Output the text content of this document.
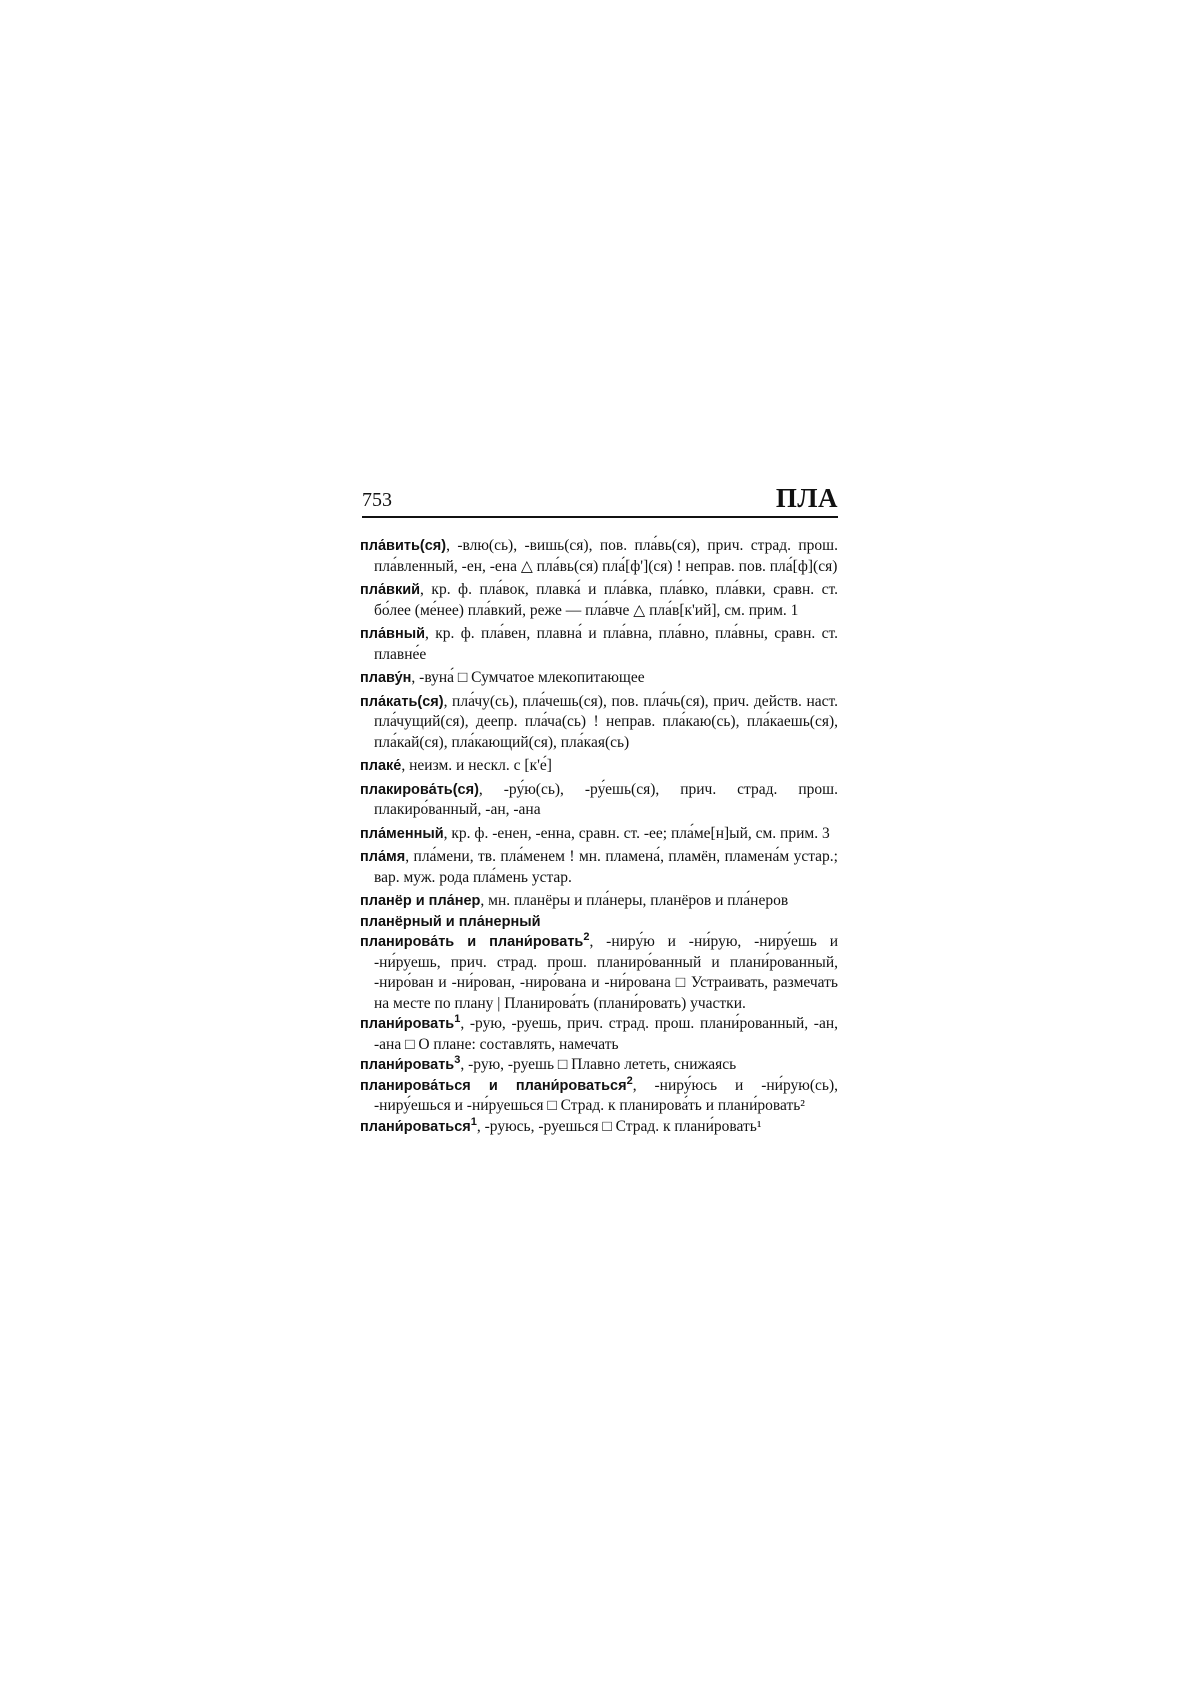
753	ПЛА

пла́вить(ся), -влю(сь), -вишь(ся), пов. пла́вь(ся), прич. страд. прош. пла́вленный, -ен, -ена △ пла́вь(ся) пла́[ф'](ся) ! неправ. пов. пла́[ф](ся)

пла́вкий, кр. ф. пла́вок, плавка́ и пла́вка, пла́вко, пла́вки, сравн. ст. бо́лее (ме́нее) пла́вкий, реже — пла́вче △ пла́в[к'ий], см. прим. 1

пла́вный, кр. ф. пла́вен, плавна́ и пла́вна, пла́вно, пла́вны, сравн. ст. плавне́е

плаву́н, -вуна́ □ Сумчатое млекопитающее

пла́кать(ся), пла́чу(сь), пла́чешь(ся), пов. пла́чь(ся), прич. действ. наст. пла́чущий(ся), деепр. пла́ча(сь) ! неправ. пла́каю(сь), пла́каешь(ся), пла́кай(ся), пла́кающий(ся), пла́кая(сь)

плаке́, неизм. и нескл. с [к'е́]

плакирова́ть(ся), -ру́ю(сь), -ру́ешь(ся), прич. страд. прош. плакиро́ванный, -ан, -ана

пла́менный, кр. ф. -енен, -енна, сравн. ст. -ее; пла́ме[н]ый, см. прим. 3

пла́мя, пла́мени, тв. пла́менем ! мн. пламена́, пламён, пламена́м устар.; вар. муж. рода пла́мень устар.

планёр и пла́нер, мн. планёры и пла́неры, планёров и пла́неров

планёрный и пла́нерный

планирова́ть и плани́ровать$^2$, -ниру́ю и -ни́рую, -ниру́ешь и -ни́руешь, прич. страд. прош. планиро́ванный и плани́рованный, -ниро́ван и -ни́рован, -ниро́вана и -ни́рована □ Устраивать, размечать на месте по плану | Планирова́ть (плани́ровать) участки.

плани́ровать$^1$, -рую, -руешь, прич. страд. прош. плани́рованный, -ан, -ана □ О плане: составлять, намечать

плани́ровать$^3$, -рую, -руешь □ Плавно лететь, снижаясь

планирова́ться и плани́роваться$^2$, -ниру́юсь и -ни́рую(сь), -ниру́ешься и -ни́руешься □ Страд. к планирова́ть и плани́ровать²

плани́роваться$^1$, -руюсь, -руешься □ Страд. к плани́ровать¹
